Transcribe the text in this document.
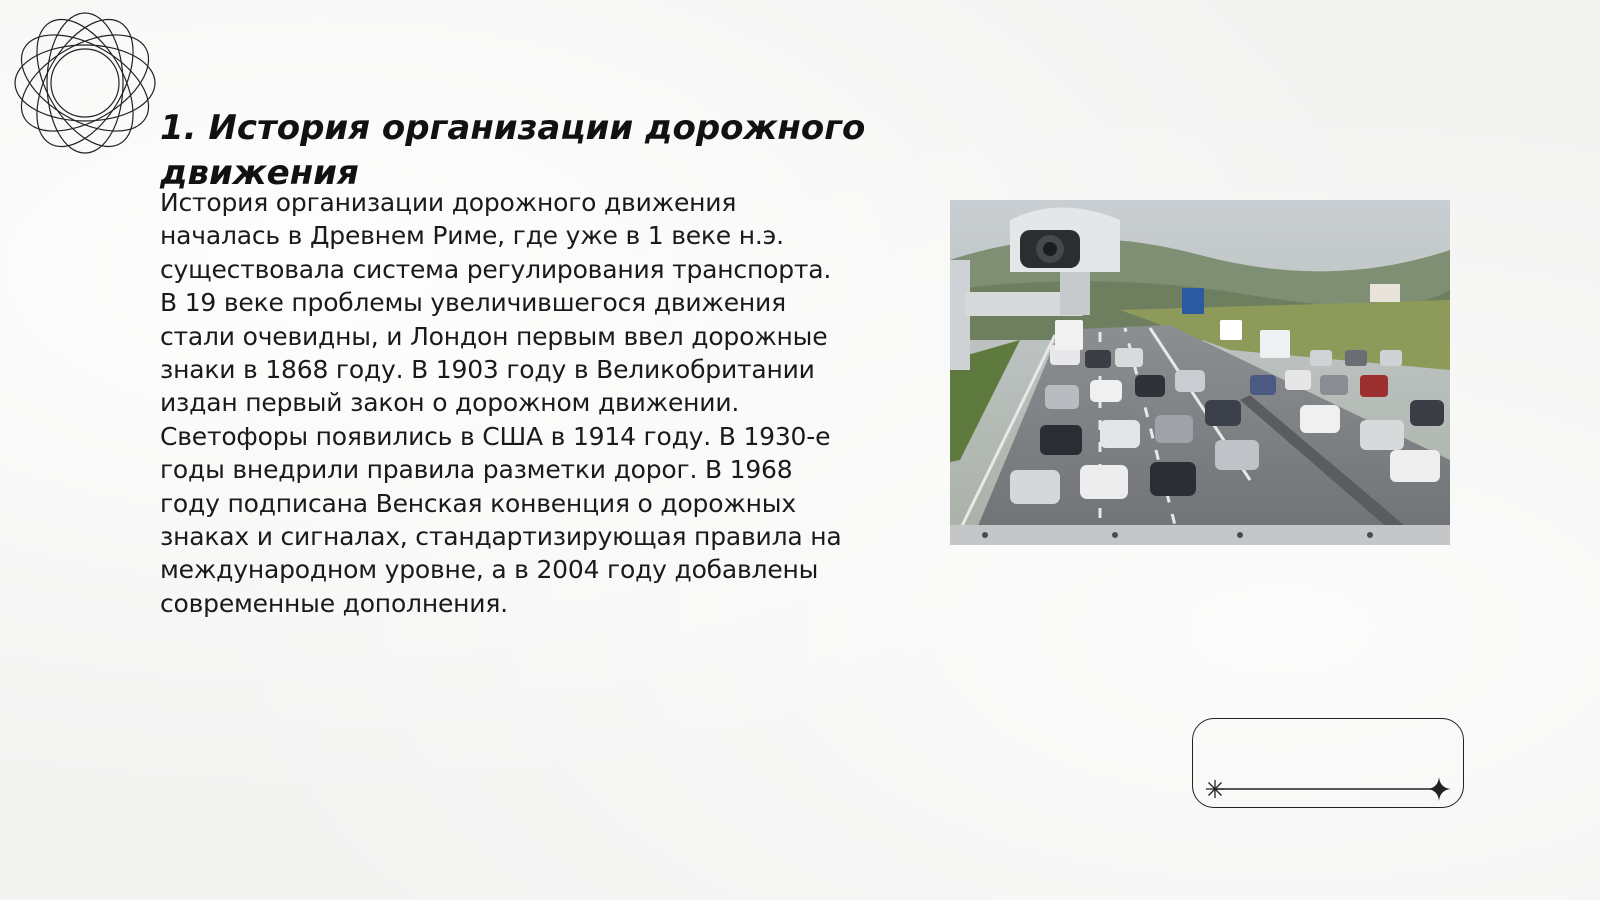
1. История организации дорожного движения

История организации дорожного движения началась в Древнем Риме, где уже в 1 веке н.э. существовала система регулирования транспорта. В 19 веке проблемы увеличившегося движения стали очевидны, и Лондон первым ввел дорожные знаки в 1868 году. В 1903 году в Великобритании издан первый закон о дорожном движении. Светофоры появились в США в 1914 году. В 1930-е годы внедрили правила разметки дорог. В 1968 году подписана Венская конвенция о дорожных знаках и сигналах, стандартизирующая правила на международном уровне, а в 2004 году добавлены современные дополнения.
